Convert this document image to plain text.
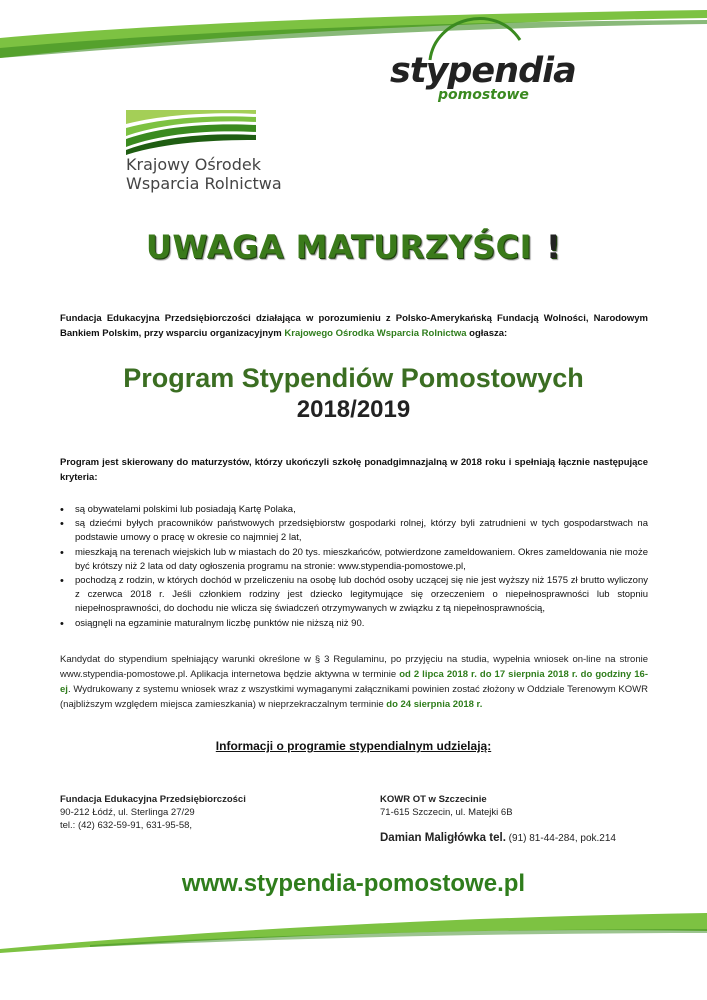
stypendia
pomostowe
Krajowy Ośrodek
Wsparcia Rolnictwa
UWAGA MATURZYŚCI !
Fundacja Edukacyjna Przedsiębiorczości działająca w porozumieniu z Polsko-Amerykańską Fundacją Wolności, Narodowym Bankiem Polskim, przy wsparciu organizacyjnym Krajowego Ośrodka Wsparcia Rolnictwa ogłasza:
Program Stypendiów Pomostowych
2018/2019
Program jest skierowany do maturzystów, którzy ukończyli szkołę ponadgimnazjalną w 2018 roku i spełniają łącznie następujące kryteria:
• są obywatelami polskimi lub posiadają Kartę Polaka,
• są dziećmi byłych pracowników państwowych przedsiębiorstw gospodarki rolnej, którzy byli zatrudnieni w tych gospodarstwach na podstawie umowy o pracę w okresie co najmniej 2 lat,
• mieszkają na terenach wiejskich lub w miastach do 20 tys. mieszkańców, potwierdzone zameldowaniem. Okres zameldowania nie może być krótszy niż 2 lata od daty ogłoszenia programu na stronie: www.stypendia-pomostowe.pl,
• pochodzą z rodzin, w których dochód w przeliczeniu na osobę lub dochód osoby uczącej się nie jest wyższy niż 1575 zł brutto wyliczony z czerwca 2018 r. Jeśli członkiem rodziny jest dziecko legitymujące się orzeczeniem o niepełnosprawności lub stopniu niepełnosprawności, do dochodu nie wlicza się świadczeń otrzymywanych w związku z tą niepełnosprawnością,
• osiągnęli na egzaminie maturalnym liczbę punktów nie niższą niż 90.
Kandydat do stypendium spełniający warunki określone w § 3 Regulaminu, po przyjęciu na studia, wypełnia wniosek on-line na stronie www.stypendia-pomostowe.pl. Aplikacja internetowa będzie aktywna w terminie od 2 lipca 2018 r. do 17 sierpnia 2018 r. do godziny 16-ej. Wydrukowany z systemu wniosek wraz z wszystkimi wymaganymi załącznikami powinien zostać złożony w Oddziale Terenowym KOWR (najbliższym względem miejsca zamieszkania) w nieprzekraczalnym terminie do 24 sierpnia 2018 r.
Informacji o programie stypendialnym udzielają:
Fundacja Edukacyjna Przedsiębiorczości
90-212 Łódź, ul. Sterlinga 27/29
tel.: (42) 632-59-91, 631-95-58,
KOWR OT w Szczecinie
71-615 Szczecin, ul. Matejki 6B
Damian Maligłówka tel. (91) 81-44-284, pok.214
www.stypendia-pomostowe.pl
